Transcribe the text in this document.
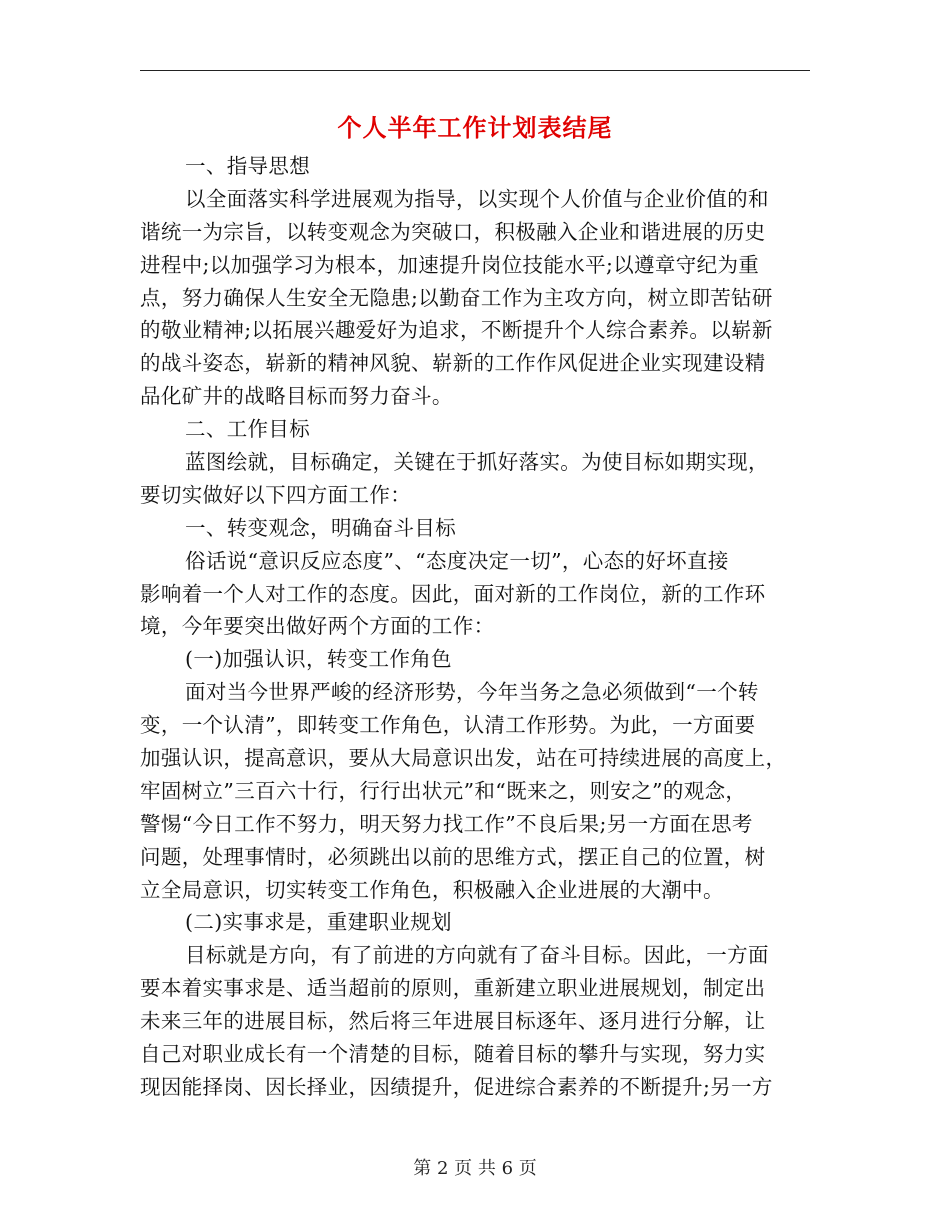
个人半年工作计划表结尾
一、指导思想
以全面落实科学进展观为指导，以实现个人价值与企业价值的和
谐统一为宗旨，以转变观念为突破口，积极融入企业和谐进展的历史
进程中;以加强学习为根本，加速提升岗位技能水平;以遵章守纪为重
点，努力确保人生安全无隐患;以勤奋工作为主攻方向，树立即苦钻研
的敬业精神;以拓展兴趣爱好为追求，不断提升个人综合素养。以崭新
的战斗姿态，崭新的精神风貌、崭新的工作作风促进企业实现建设精
品化矿井的战略目标而努力奋斗。
二、工作目标
蓝图绘就，目标确定，关键在于抓好落实。为使目标如期实现，
要切实做好以下四方面工作：
一、转变观念，明确奋斗目标
俗话说“意识反应态度”、“态度决定一切”，心态的好坏直接
影响着一个人对工作的态度。因此，面对新的工作岗位，新的工作环
境，今年要突出做好两个方面的工作：
(一)加强认识，转变工作角色
面对当今世界严峻的经济形势，今年当务之急必须做到“一个转
变，一个认清”，即转变工作角色，认清工作形势。为此，一方面要
加强认识，提高意识，要从大局意识出发，站在可持续进展的高度上，
牢固树立”三百六十行，行行出状元”和“既来之，则安之”的观念，
警惕“今日工作不努力，明天努力找工作”不良后果;另一方面在思考
问题，处理事情时，必须跳出以前的思维方式，摆正自己的位置，树
立全局意识，切实转变工作角色，积极融入企业进展的大潮中。
(二)实事求是，重建职业规划
目标就是方向，有了前进的方向就有了奋斗目标。因此，一方面
要本着实事求是、适当超前的原则，重新建立职业进展规划，制定出
未来三年的进展目标，然后将三年进展目标逐年、逐月进行分解，让
自己对职业成长有一个清楚的目标，随着目标的攀升与实现，努力实
现因能择岗、因长择业，因绩提升，促进综合素养的不断提升;另一方
第 2 页 共 6 页
